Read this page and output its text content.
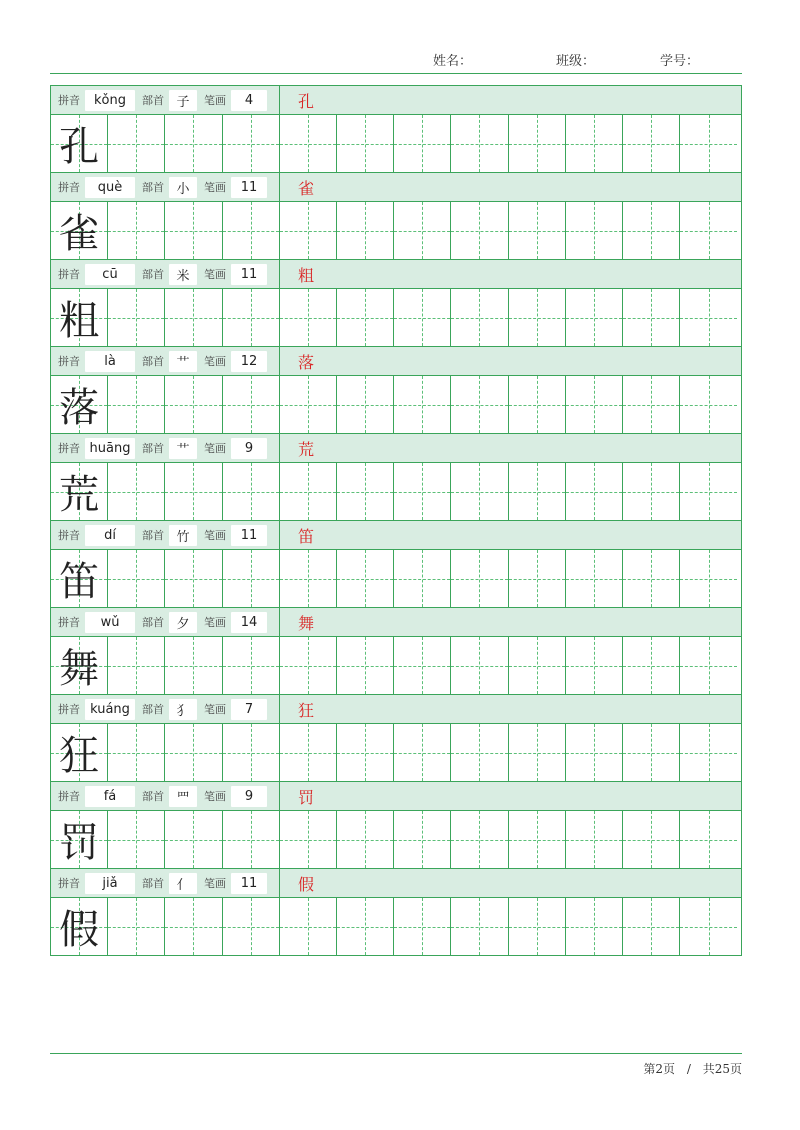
姓名：	班级：	学号：
拼音	kǒng	部首 子	笔画	4	孔
孔
拼音	què	部首 小	笔画	11	雀
雀
拼音	cū	部首 米	笔画	11	粗
粗
拼音	là	部首 艹	笔画	12	落
落
拼音 huāng	部首 艹	笔画	9	荒
荒
拼音	dí	部首 竹	笔画	11	笛
笛
拼音	wǔ	部首 夕	笔画	14	舞
舞
拼音 kuáng	部首 犭	笔画	7	狂
狂
拼音	fá	部首 罒	笔画	9	罚
罚
拼音	jiǎ	部首 亻	笔画	11	假
假
第2页 / 共25页
